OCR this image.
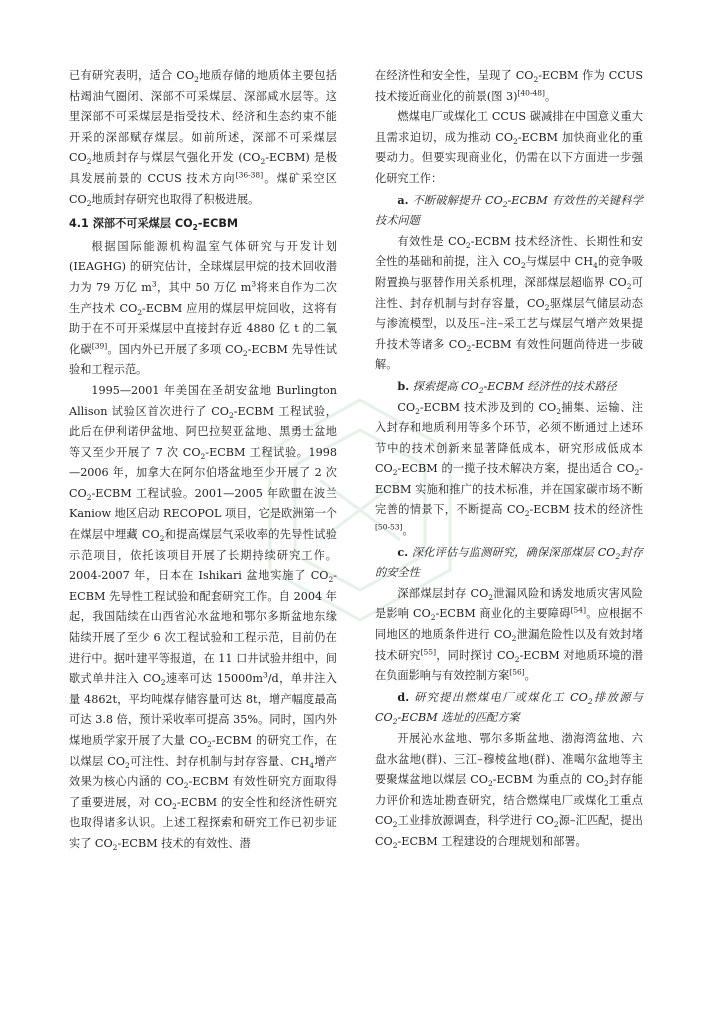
已有研究表明，适合 $CO_2$地质存储的地质体主要包括枯竭油气圈闭、深部不可采煤层、深部咸水层等。这里深部不可采煤层是指受技术、经济和生态约束不能开采的深部赋存煤层。如前所述，深部不可采煤层 $CO_2$地质封存与煤层气强化开发 $(CO_2-ECBM)$ 是极具发展前景的 CCUS 技术方向[36-38]。煤矿采空区 $CO_2$地质封存研究也取得了积极进展。

4.1 深部不可采煤层 $CO_2$-ECBM

根据国际能源机构温室气体研究与开发计划 (IEAGHG) 的研究估计，全球煤层甲烷的技术回收潜力为 79 万亿 $m^3$，其中 50 万亿 $m^3$将来自作为二次生产技术 $CO_2$-ECBM 应用的煤层甲烷回收，这将有助于在不可开采煤层中直接封存近 4880 亿 t 的二氧化碳[39]。国内外已开展了多项 $CO_2$-ECBM 先导性试验和工程示范。

1995—2001 年美国在圣胡安盆地 Burlington Allison 试验区首次进行了 $CO_2$-ECBM 工程试验，此后在伊利诺伊盆地、阿巴拉契亚盆地、黑勇士盆地等又至少开展了 7 次 $CO_2$-ECBM 工程试验。1998—2006 年，加拿大在阿尔伯塔盆地至少开展了 2 次 $CO_2$-ECBM 工程试验。2001—2005 年欧盟在波兰 Kaniow 地区启动 RECOPOL 项目，它是欧洲第一个在煤层中埋藏 $CO_2$和提高煤层气采收率的先导性试验示范项目，依托该项目开展了长期持续研究工作。2004-2007 年，日本在 Ishikari 盆地实施了 $CO_2$-ECBM 先导性工程试验和配套研究工作。自 2004 年起，我国陆续在山西省沁水盆地和鄂尔多斯盆地东缘陆续开展了至少 6 次工程试验和工程示范，目前仍在进行中。据叶建平等报道，在 11 口井试验井组中，间歇式单井注入 $CO_2$速率可达 $15000m^3/d$，单井注入量 4862t，平均吨煤存储容量可达 8t，增产幅度最高可达 3.8 倍，预计采收率可提高 35%。同时，国内外煤地质学家开展了大量 $CO_2$-ECBM 的研究工作，在以煤层 $CO_2$可注性、封存机制与封存容量、$CH_4$增产效果为核心内涵的 $CO_2$-ECBM 有效性研究方面取得了重要进展，对 $CO_2$-ECBM 的安全性和经济性研究也取得诸多认识。上述工程探索和研究工作已初步证实了 $CO_2$-ECBM 技术的有效性、潜

在经济性和安全性，呈现了 $CO_2$-ECBM 作为 CCUS 技术接近商业化的前景(图 3)[40-48]。

燃煤电厂或煤化工 CCUS 碳减排在中国意义重大且需求迫切，成为推动 $CO_2$-ECBM 加快商业化的重要动力。但要实现商业化，仍需在以下方面进一步强化研究工作：

a. 不断破解提升 $CO_2$-ECBM 有效性的关键科学技术问题

有效性是 $CO_2$-ECBM 技术经济性、长期性和安全性的基础和前提，注入 $CO_2$与煤层中 $CH_4$的竞争吸附置换与驱替作用关系机理，深部煤层超临界 $CO_2$可注性、封存机制与封存容量，$CO_2$驱煤层气储层动态与渗流模型，以及压–注–采工艺与煤层气增产效果提升技术等诸多 $CO_2$-ECBM 有效性问题尚待进一步破解。

b. 探索提高 $CO_2$-ECBM 经济性的技术路径

$CO_2$-ECBM 技术涉及到的 $CO_2$捕集、运输、注入封存和地质利用等多个环节，必须不断通过上述环节中的技术创新来显著降低成本，研究形成低成本 $CO_2$-ECBM 的一揽子技术解决方案，提出适合 $CO_2$-ECBM 实施和推广的技术标准，并在国家碳市场不断完善的情景下，不断提高 $CO_2$-ECBM 技术的经济性[50-53]。

c. 深化评估与监测研究，确保深部煤层 $CO_2$封存的安全性

深部煤层封存 $CO_2$泄漏风险和诱发地质灾害风险是影响 $CO_2$-ECBM 商业化的主要障碍[54]。应根据不同地区的地质条件进行 $CO_2$泄漏危险性以及有效封堵技术研究[55]，同时探讨 $CO_2$-ECBM 对地质环境的潜在负面影响与有效控制方案[56]。

d. 研究提出燃煤电厂或煤化工 $CO_2$排放源与 $CO_2$-ECBM 选址的匹配方案

开展沁水盆地、鄂尔多斯盆地、渤海湾盆地、六盘水盆地(群)、三江–穆棱盆地(群)、准噶尔盆地等主要聚煤盆地以煤层 $CO_2$-ECBM 为重点的 $CO_2$封存能力评价和选址勘查研究，结合燃煤电厂或煤化工重点 $CO_2$工业排放源调查，科学进行 $CO_2$源–汇匹配，提出 $CO_2$-ECBM 工程建设的合理规划和部署。
